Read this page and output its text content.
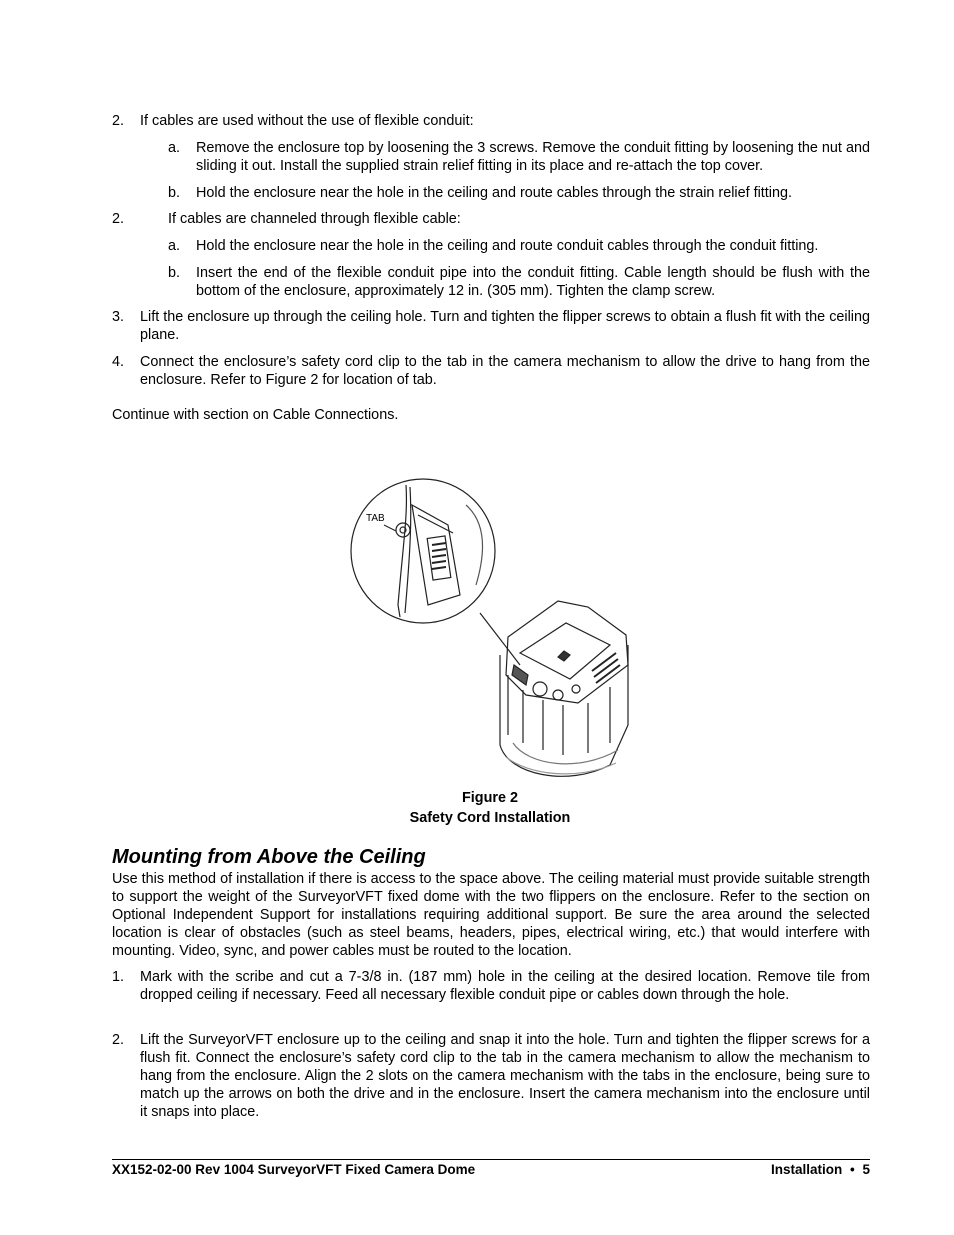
2. If cables are used without the use of flexible conduit:
a. Remove the enclosure top by loosening the 3 screws. Remove the conduit fitting by loosening the nut and sliding it out. Install the supplied strain relief fitting in its place and re-attach the top cover.
b. Hold the enclosure near the hole in the ceiling and route cables through the strain relief fitting.
2.	If cables are channeled through flexible cable:
a. Hold the enclosure near the hole in the ceiling and route conduit cables through the conduit fitting.
b. Insert the end of the flexible conduit pipe into the conduit fitting. Cable length should be flush with the bottom of the enclosure, approximately 12 in. (305 mm). Tighten the clamp screw.
3. Lift the enclosure up through the ceiling hole. Turn and tighten the flipper screws to obtain a flush fit with the ceiling plane.
4. Connect the enclosure’s safety cord clip to the tab in the camera mechanism to allow the drive to hang from the enclosure. Refer to Figure 2 for location of tab.
Continue with section on Cable Connections.
TAB
Figure 2
Safety Cord Installation
Mounting from Above the Ceiling
Use this method of installation if there is access to the space above. The ceiling material must provide suitable strength to support the weight of the SurveyorVFT fixed dome with the two flippers on the enclosure. Refer to the section on Optional Independent Support for installations requiring additional support. Be sure the area around the selected location is clear of obstacles (such as steel beams, headers, pipes, electrical wiring, etc.) that would interfere with mounting. Video, sync, and power cables must be routed to the location.
1. Mark with the scribe and cut a 7-3/8 in. (187 mm) hole in the ceiling at the desired location. Remove tile from dropped ceiling if necessary. Feed all necessary flexible conduit pipe or cables down through the hole.
2. Lift the SurveyorVFT enclosure up to the ceiling and snap it into the hole. Turn and tighten the flipper screws for a flush fit. Connect the enclosure’s safety cord clip to the tab in the camera mechanism to allow the mechanism to hang from the enclosure. Align the 2 slots on the camera mechanism with the tabs in the enclosure, being sure to match up the arrows on both the drive and in the enclosure. Insert the camera mechanism into the enclosure until it snaps into place.
XX152-02-00 Rev 1004 SurveyorVFT Fixed Camera Dome	Installation • 5
